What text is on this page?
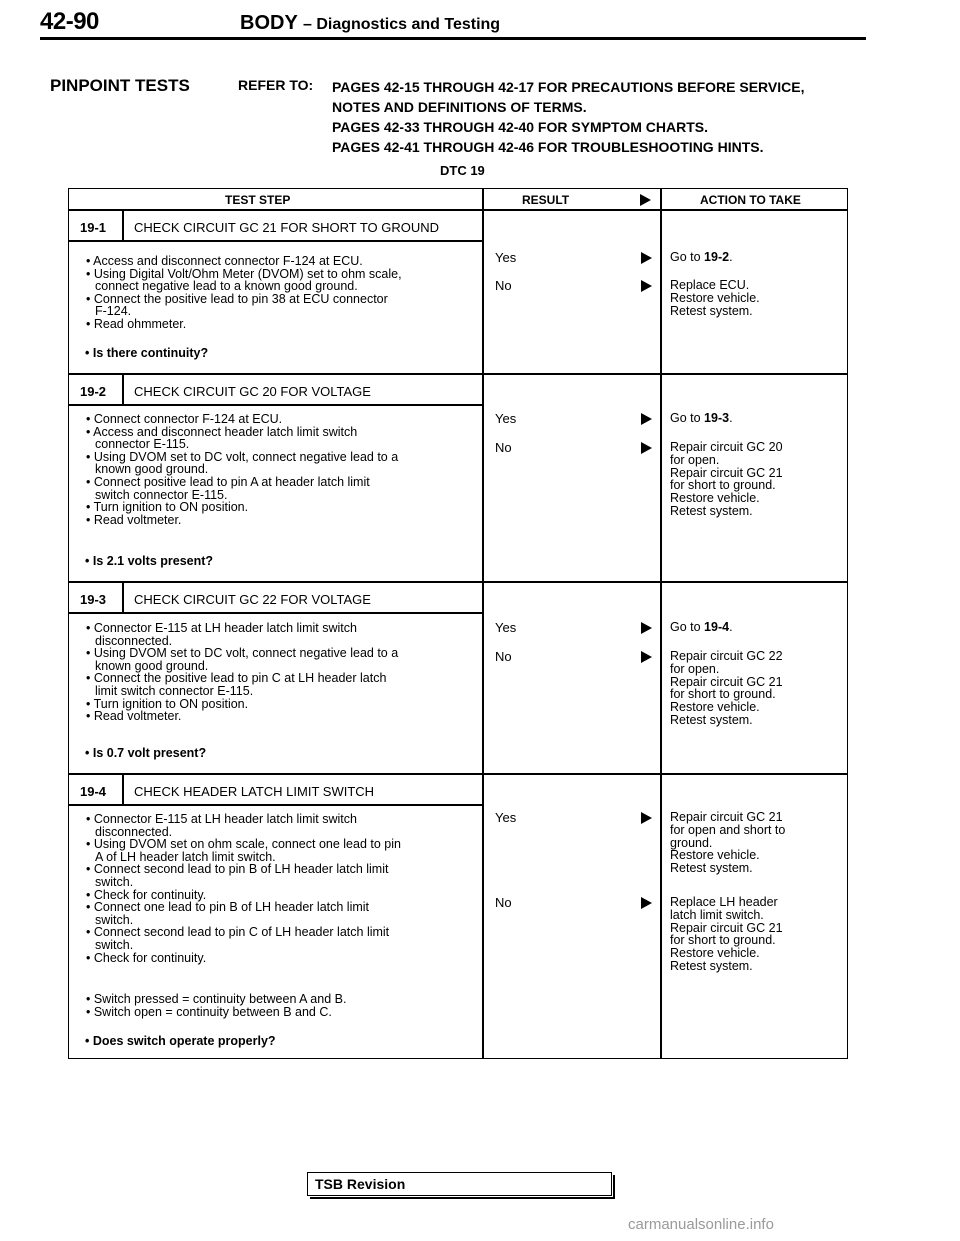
42-90	BODY – Diagnostics and Testing
PINPOINT TESTS	REFER TO: PAGES 42-15 THROUGH 42-17 FOR PRECAUTIONS BEFORE SERVICE,
NOTES AND DEFINITIONS OF TERMS.
PAGES 42-33 THROUGH 42-40 FOR SYMPTOM CHARTS.
PAGES 42-41 THROUGH 42-46 FOR TROUBLESHOOTING HINTS.
DTC 19
TEST STEP	RESULT	ACTION TO TAKE
19-1 CHECK CIRCUIT GC 21 FOR SHORT TO GROUND
• Access and disconnect connector F-124 at ECU.
• Using Digital Volt/Ohm Meter (DVOM) set to ohm scale,
connect negative lead to a known good ground.
• Connect the positive lead to pin 38 at ECU connector
F-124.
• Read ohmmeter.
• Is there continuity?
Yes	Go to 19-2.
No	Replace ECU.
Restore vehicle.
Retest system.
19-2 CHECK CIRCUIT GC 20 FOR VOLTAGE
• Connect connector F-124 at ECU.
• Access and disconnect header latch limit switch
connector E-115.
• Using DVOM set to DC volt, connect negative lead to a
known good ground.
• Connect positive lead to pin A at header latch limit
switch connector E-115.
• Turn ignition to ON position.
• Read voltmeter.
• Is 2.1 volts present?
Yes	Go to 19-3.
No	Repair circuit GC 20
for open.
Repair circuit GC 21
for short to ground.
Restore vehicle.
Retest system.
19-3 CHECK CIRCUIT GC 22 FOR VOLTAGE
• Connector E-115 at LH header latch limit switch
disconnected.
• Using DVOM set to DC volt, connect negative lead to a
known good ground.
• Connect the positive lead to pin C at LH header latch
limit switch connector E-115.
• Turn ignition to ON position.
• Read voltmeter.
• Is 0.7 volt present?
Yes	Go to 19-4.
No	Repair circuit GC 22
for open.
Repair circuit GC 21
for short to ground.
Restore vehicle.
Retest system.
19-4 CHECK HEADER LATCH LIMIT SWITCH
• Connector E-115 at LH header latch limit switch
disconnected.
• Using DVOM set on ohm scale, connect one lead to pin
A of LH header latch limit switch.
• Connect second lead to pin B of LH header latch limit
switch.
• Check for continuity.
• Connect one lead to pin B of LH header latch limit
switch.
• Connect second lead to pin C of LH header latch limit
switch.
• Check for continuity.
• Switch pressed = continuity between A and B.
• Switch open = continuity between B and C.
• Does switch operate properly?
Yes	Repair circuit GC 21
for open and short to
ground.
Restore vehicle.
Retest system.
No	Replace LH header
latch limit switch.
Repair circuit GC 21
for short to ground.
Restore vehicle.
Retest system.
TSB Revision
carmanualsonline.info
